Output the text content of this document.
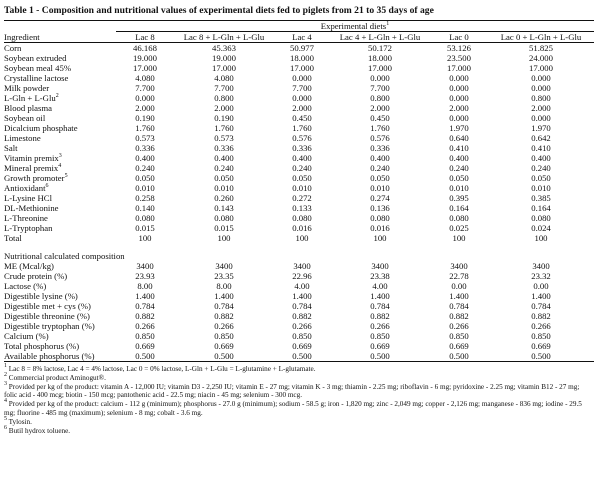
Table 1 - Composition and nutritional values of experimental diets fed to piglets from 21 to 35 days of age
	Experimental diets$^1$
Ingredient	Lac 8	Lac 8 + L-Gln + L-Glu	Lac 4	Lac 4 + L-Gln + L-Glu	Lac 0	Lac 0 + L-Gln + L-Glu
Corn	46.168	45.363	50.977	50.172	53.126	51.825
Soybean extruded	19.000	19.000	18.000	18.000	23.500	24.000
Soybean meal 45%	17.000	17.000	17.000	17.000	17.000	17.000
Crystalline lactose	4.080	4.080	0.000	0.000	0.000	0.000
Milk powder	7.700	7.700	7.700	7.700	0.000	0.000
L-Gln + L-Glu$^2$	0.000	0.800	0.000	0.800	0.000	0.800
Blood plasma	2.000	2.000	2.000	2.000	2.000	2.000
Soybean oil	0.190	0.190	0.450	0.450	0.000	0.000
Dicalcium phosphate	1.760	1.760	1.760	1.760	1.970	1.970
Limestone	0.573	0.573	0.576	0.576	0.640	0.642
Salt	0.336	0.336	0.336	0.336	0.410	0.410
Vitamin premix$^3$	0.400	0.400	0.400	0.400	0.400	0.400
Mineral premix$^4$	0.240	0.240	0.240	0.240	0.240	0.240
Growth promoter$^5$	0.050	0.050	0.050	0.050	0.050	0.050
Antioxidant$^6$	0.010	0.010	0.010	0.010	0.010	0.010
L-Lysine HCl	0.258	0.260	0.272	0.274	0.395	0.385
DL-Methionine	0.140	0.143	0.133	0.136	0.164	0.164
L-Threonine	0.080	0.080	0.080	0.080	0.080	0.080
L-Tryptophan	0.015	0.015	0.016	0.016	0.025	0.024
Total	100	100	100	100	100	100

Nutritional calculated composition						
ME (Mcal/kg)	3400	3400	3400	3400	3400	3400
Crude protein (%)	23.93	23.35	22.96	23.38	22.78	23.32
Lactose (%)	8.00	8.00	4.00	4.00	0.00	0.00
Digestible lysine (%)	1.400	1.400	1.400	1.400	1.400	1.400
Digestible met + cys (%)	0.784	0.784	0.784	0.784	0.784	0.784
Digestible threonine (%)	0.882	0.882	0.882	0.882	0.882	0.882
Digestible tryptophan (%)	0.266	0.266	0.266	0.266	0.266	0.266
Calcium (%)	0.850	0.850	0.850	0.850	0.850	0.850
Total phosphorus (%)	0.669	0.669	0.669	0.669	0.669	0.669
Available phosphorus (%)	0.500	0.500	0.500	0.500	0.500	0.500
$^1$ Lac 8 = 8% lactose, Lac 4 = 4% lactose, Lac 0 = 0% lactose, L-Gln + L-Glu = L-glutamine + L-glutamate.
$^2$ Commercial product Aminogut®.
$^3$ Provided per kg of the product: vitamin A - 12,000 IU; vitamin D3 - 2,250 IU; vitamin E - 27 mg; vitamin K - 3 mg; thiamin - 2.25 mg; riboflavin - 6 mg; pyridoxine - 2.25 mg; vitamin B12 - 27 mg; folic acid - 400 mcg; biotin - 150 mcg; pantothenic acid - 22.5 mg; niacin - 45 mg; selenium - 300 mcg.
$^4$ Provided per kg of the product: calcium - 112 g (minimum); phosphorus - 27.0 g (minimum); sodium - 58.5 g; iron - 1,820 mg; zinc - 2,049 mg; copper - 2,126 mg; manganese - 836 mg; iodine - 29.5 mg; fluorine - 485 mg (maximum); selenium - 8 mg; cobalt - 3.6 mg.
$^5$ Tylosin.
$^6$ Butil hydrox toluene.
